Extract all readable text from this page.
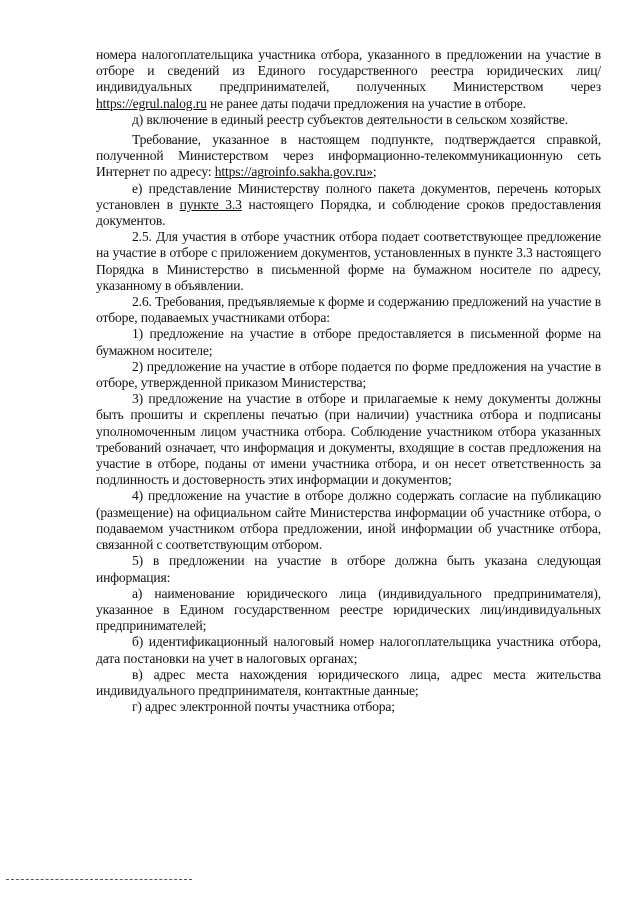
номера налогоплательщика участника отбора, указанного в предложении на участие в отборе и сведений из Единого государственного реестра юридических лиц/индивидуальных предпринимателей, полученных Министерством через https://egrul.nalog.ru не ранее даты подачи предложения на участие в отборе.

д) включение в единый реестр субъектов деятельности в сельском хозяйстве.

Требование, указанное в настоящем подпункте, подтверждается справкой, полученной Министерством через информационно-телекоммуникационную сеть Интернет по адресу: https://agroinfo.sakha.gov.ru»;

е) представление Министерству полного пакета документов, перечень которых установлен в пункте 3.3 настоящего Порядка, и соблюдение сроков предоставления документов.

2.5. Для участия в отборе участник отбора подает соответствующее предложение на участие в отборе с приложением документов, установленных в пункте 3.3 настоящего Порядка в Министерство в письменной форме на бумажном носителе по адресу, указанному в объявлении.

2.6. Требования, предъявляемые к форме и содержанию предложений на участие в отборе, подаваемых участниками отбора:

1) предложение на участие в отборе предоставляется в письменной форме на бумажном носителе;

2) предложение на участие в отборе подается по форме предложения на участие в отборе, утвержденной приказом Министерства;

3) предложение на участие в отборе и прилагаемые к нему документы должны быть прошиты и скреплены печатью (при наличии) участника отбора и подписаны уполномоченным лицом участника отбора. Соблюдение участником отбора указанных требований означает, что информация и документы, входящие в состав предложения на участие в отборе, поданы от имени участника отбора, и он несет ответственность за подлинность и достоверность этих информации и документов;

4) предложение на участие в отборе должно содержать согласие на публикацию (размещение) на официальном сайте Министерства информации об участнике отбора, о подаваемом участником отбора предложении, иной информации об участнике отбора, связанной с соответствующим отбором.

5) в предложении на участие в отборе должна быть указана следующая информация:

а) наименование юридического лица (индивидуального предпринимателя), указанное в Едином государственном реестре юридических лиц/индивидуальных предпринимателей;

б) идентификационный налоговый номер налогоплательщика участника отбора, дата постановки на учет в налоговых органах;

в) адрес места нахождения юридического лица, адрес места жительства индивидуального предпринимателя, контактные данные;

г) адрес электронной почты участника отбора;
